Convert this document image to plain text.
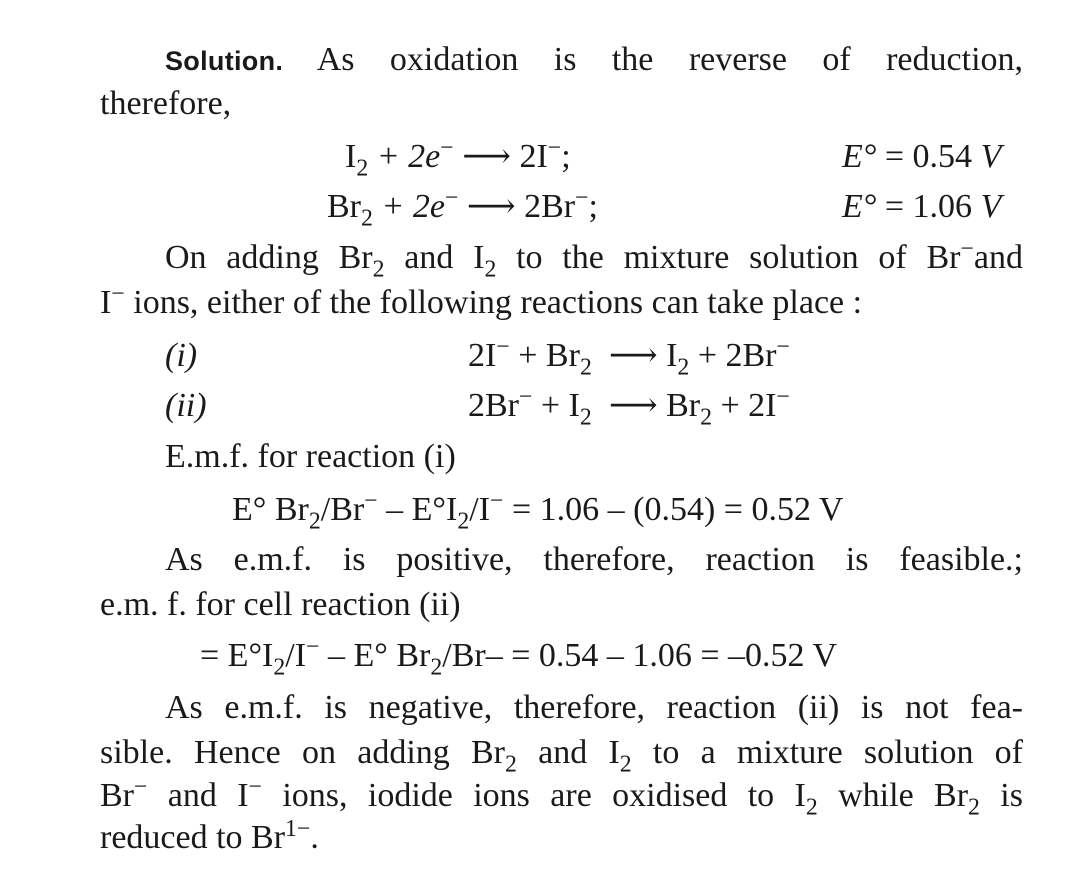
Solution. As oxidation is the reverse of reduction,
therefore,
$I_2 + 2e^-$ ⟶ 2I−;	E° = 0.54 V
$Br_2 + 2e^-$ ⟶ 2Br−;	E° = 1.06 V
On adding $Br_2$ and $I_2$ to the mixture solution of Br−and
I− ions, either of the following reactions can take place :
(i)	$2I^- + Br_2$ ⟶ $I_2 + 2Br^-$
(ii)	$2Br^- + I_2$ ⟶ $Br_2 + 2I^-$
E.m.f. for reaction (i)
E° $Br_2/Br^- - E^\circ I_2/I^- = 1.06 - (0.54) = 0.52$ V
As e.m.f. is positive, therefore, reaction is feasible.;
e.m. f. for cell reaction (ii)
= $E^\circ I_2/I^- - E^\circ$ $Br_2/Br- = 0.54 - 1.06 = -0.52$ V
As e.m.f. is negative, therefore, reaction (ii) is not fea-
sible. Hence on adding $Br_2$ and $I_2$ to a mixture solution of
Br− and I− ions, iodide ions are oxidised to $I_2$ while $Br_2$ is
reduced to $Br^{1-}$.
